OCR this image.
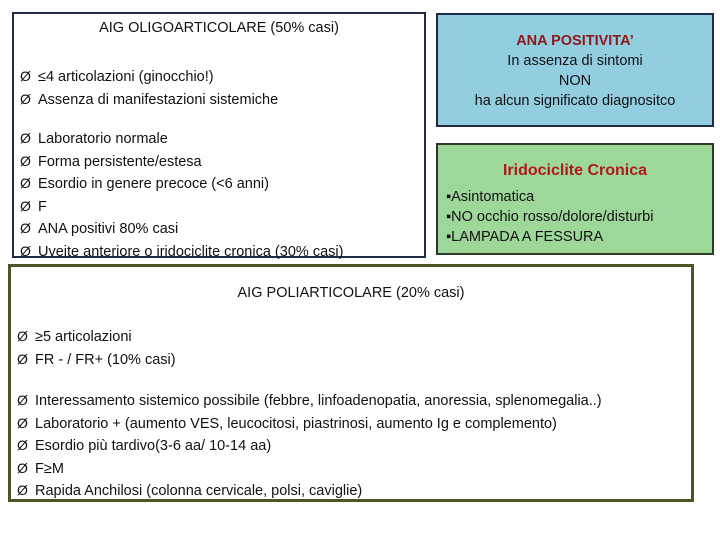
AIG OLIGOARTICOLARE (50% casi)
Ø ≤4 articolazioni (ginocchio!)
Ø Assenza di manifestazioni sistemiche
Ø Laboratorio normale
Ø Forma persistente/estesa
Ø Esordio in genere precoce (<6 anni)
Ø F
Ø ANA positivi 80% casi
Ø Uveite anteriore o iridociclite cronica (30% casi)
ANA POSITIVITA’
In assenza di sintomi
NON
ha alcun significato diagnositco
Iridociclite Cronica
▪Asintomatica
▪NO occhio rosso/dolore/disturbi
▪LAMPADA A FESSURA
AIG POLIARTICOLARE (20% casi)
Ø ≥5 articolazioni
Ø FR - / FR+ (10% casi)
Ø Interessamento sistemico possibile (febbre, linfoadenopatia, anoressia, splenomegalia..)
Ø Laboratorio + (aumento VES, leucocitosi, piastrinosi, aumento Ig e complemento)
Ø Esordio più tardivo(3-6 aa/ 10-14 aa)
Ø F≥M
Ø Rapida Anchilosi (colonna cervicale, polsi, caviglie)
